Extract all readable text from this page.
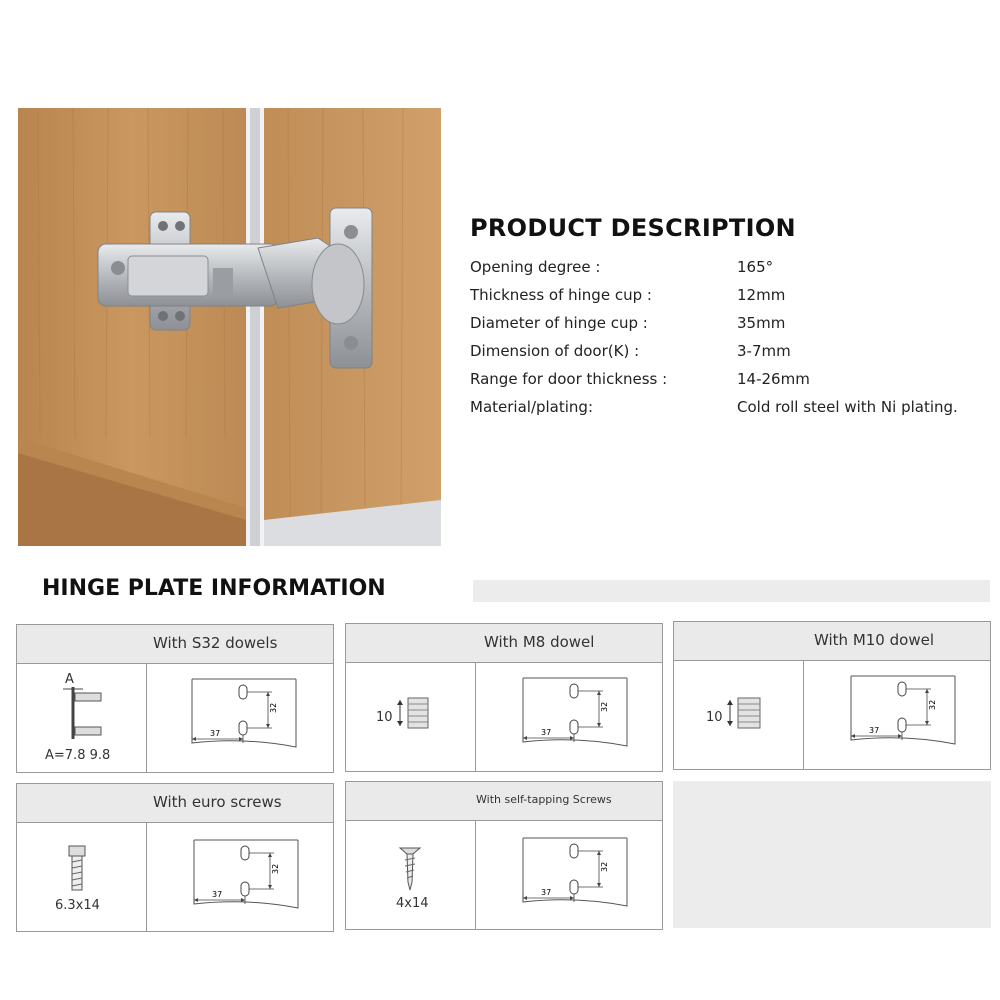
PRODUCT DESCRIPTION
Opening degree :	165°
Thickness of hinge cup :	12mm
Diameter of hinge cup :	35mm
Dimension of door(K) :	3-7mm
Range for door thickness :	14-26mm
Material/plating:	Cold roll steel with Ni plating.
HINGE PLATE INFORMATION
With S32 dowels
A
A=7.8 9.8
32
37
With M8 dowel
10
32
37
With M10 dowel
10
32
37
With euro screws
6.3x14
32
37
With self-tapping Screws
4x14
32
37
